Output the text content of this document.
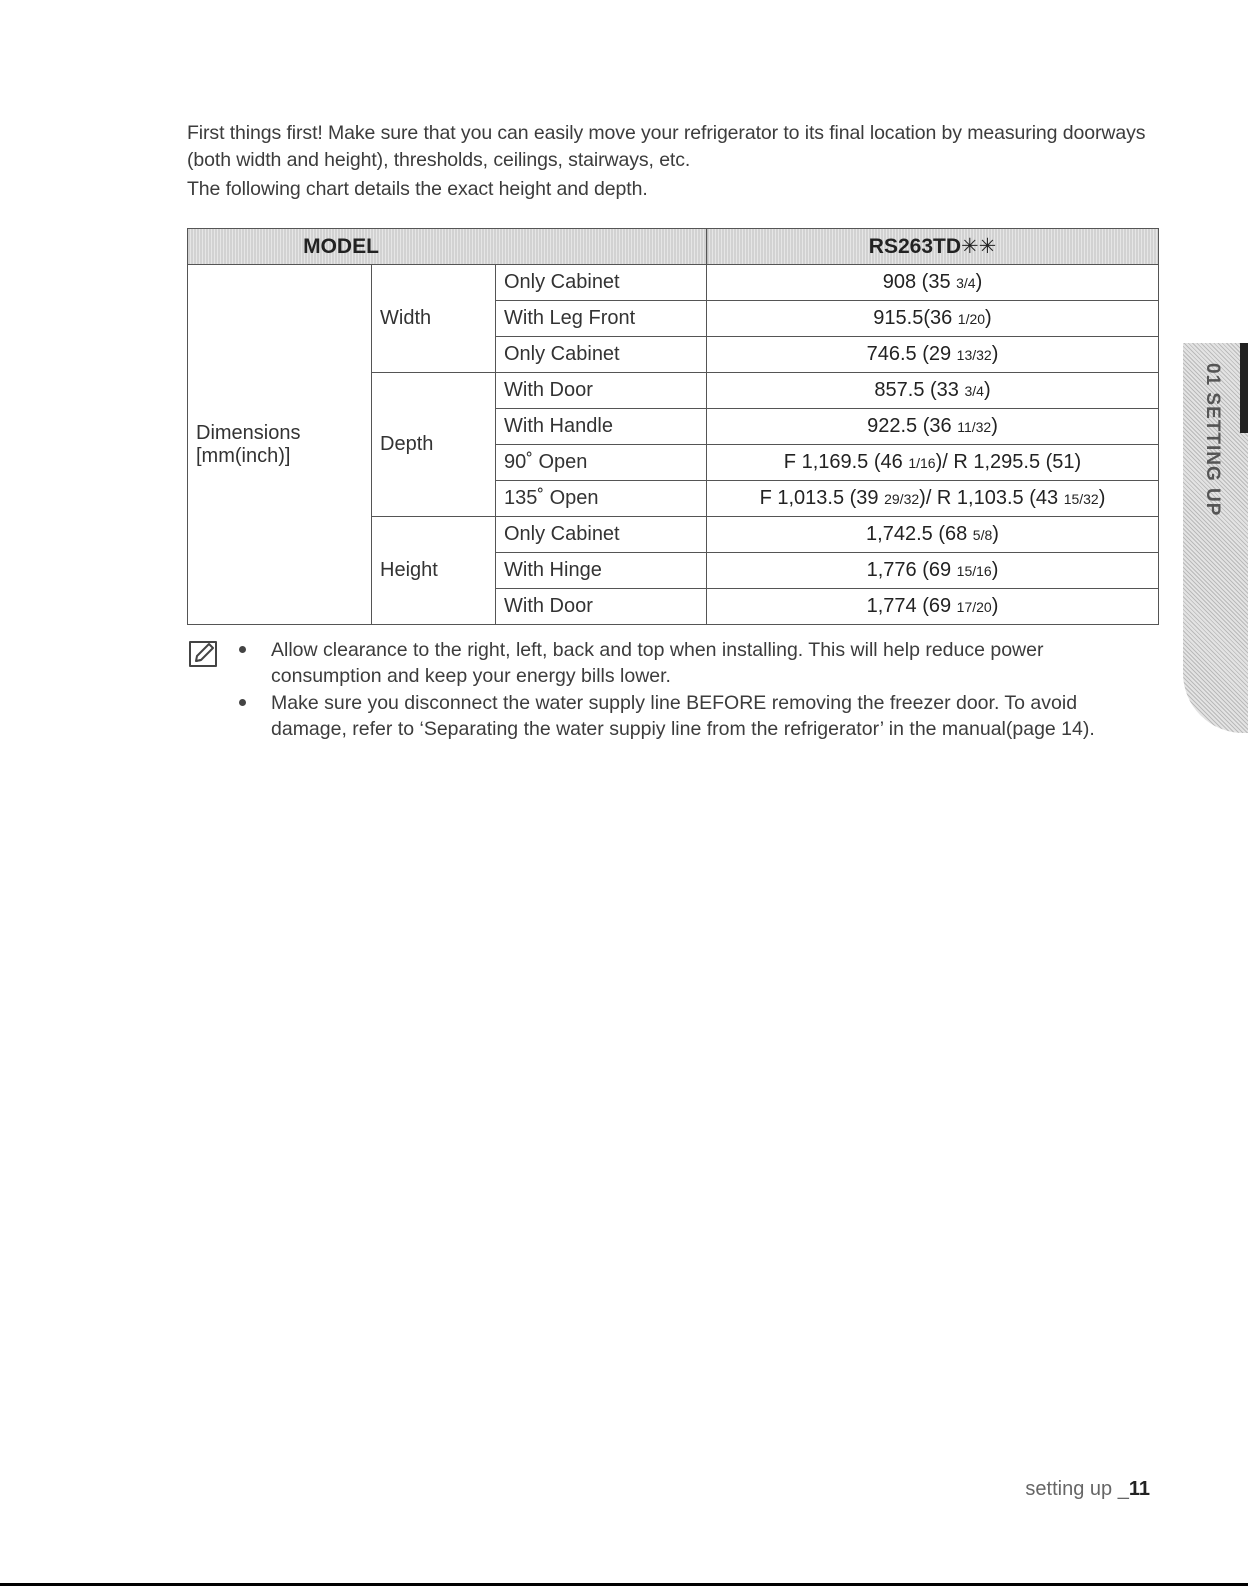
First things first! Make sure that you can easily move your refrigerator to its final location by measuring doorways (both width and height), thresholds, ceilings, stairways, etc.

The following chart details the exact height and depth.

MODEL			RS263TD✳✳
Dimensions [mm(inch)]	Width	Only Cabinet	908 (35 3/4)
		With Leg Front	915.5(36 1/20)
		Only Cabinet	746.5 (29 13/32)
	Depth	With Door	857.5 (33 3/4)
		With Handle	922.5 (36 11/32)
		90˚ Open	F 1,169.5 (46 1/16)/ R 1,295.5 (51)
		135˚ Open	F 1,013.5 (39 29/32)/ R 1,103.5 (43 15/32)
	Height	Only Cabinet	1,742.5 (68 5/8)
		With Hinge	1,776 (69 15/16)
		With Door	1,774 (69 17/20)
Allow clearance to the right, left, back and top when installing. This will help reduce power consumption and keep your energy bills lower.
Make sure you disconnect the water supply line BEFORE removing the freezer door. To avoid damage, refer to ‘Separating the water suppiy line from the refrigerator’ in the manual(page 14).
01 SETTING UP
setting up _11
